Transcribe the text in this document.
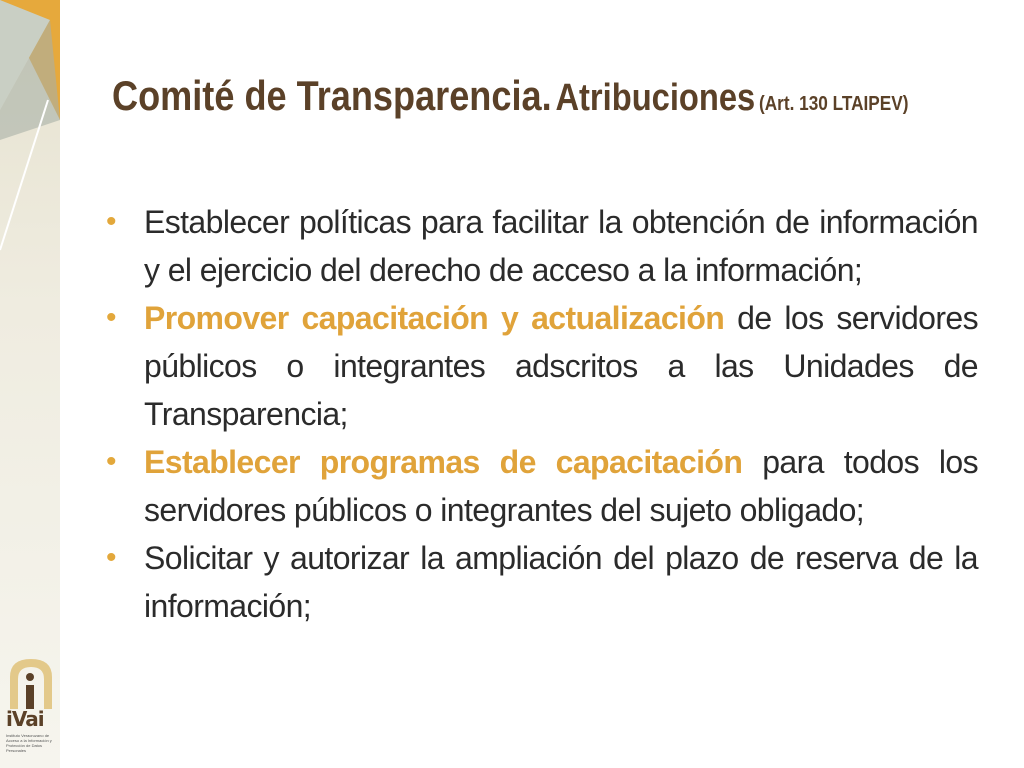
Comité de Transparencia. Atribuciones (Art. 130 LTAIPEV)
• Establecer políticas para facilitar la obtención de información y el ejercicio del derecho de acceso a la información;
• Promover capacitación y actualización de los servidores públicos o integrantes adscritos a las Unidades de Transparencia;
• Establecer programas de capacitación para todos los servidores públicos o integrantes del sujeto obligado;
• Solicitar y autorizar la ampliación del plazo de reserva de la información;
iVai
Instituto Veracruzano de Acceso a la Información y Protección de Datos Personales
